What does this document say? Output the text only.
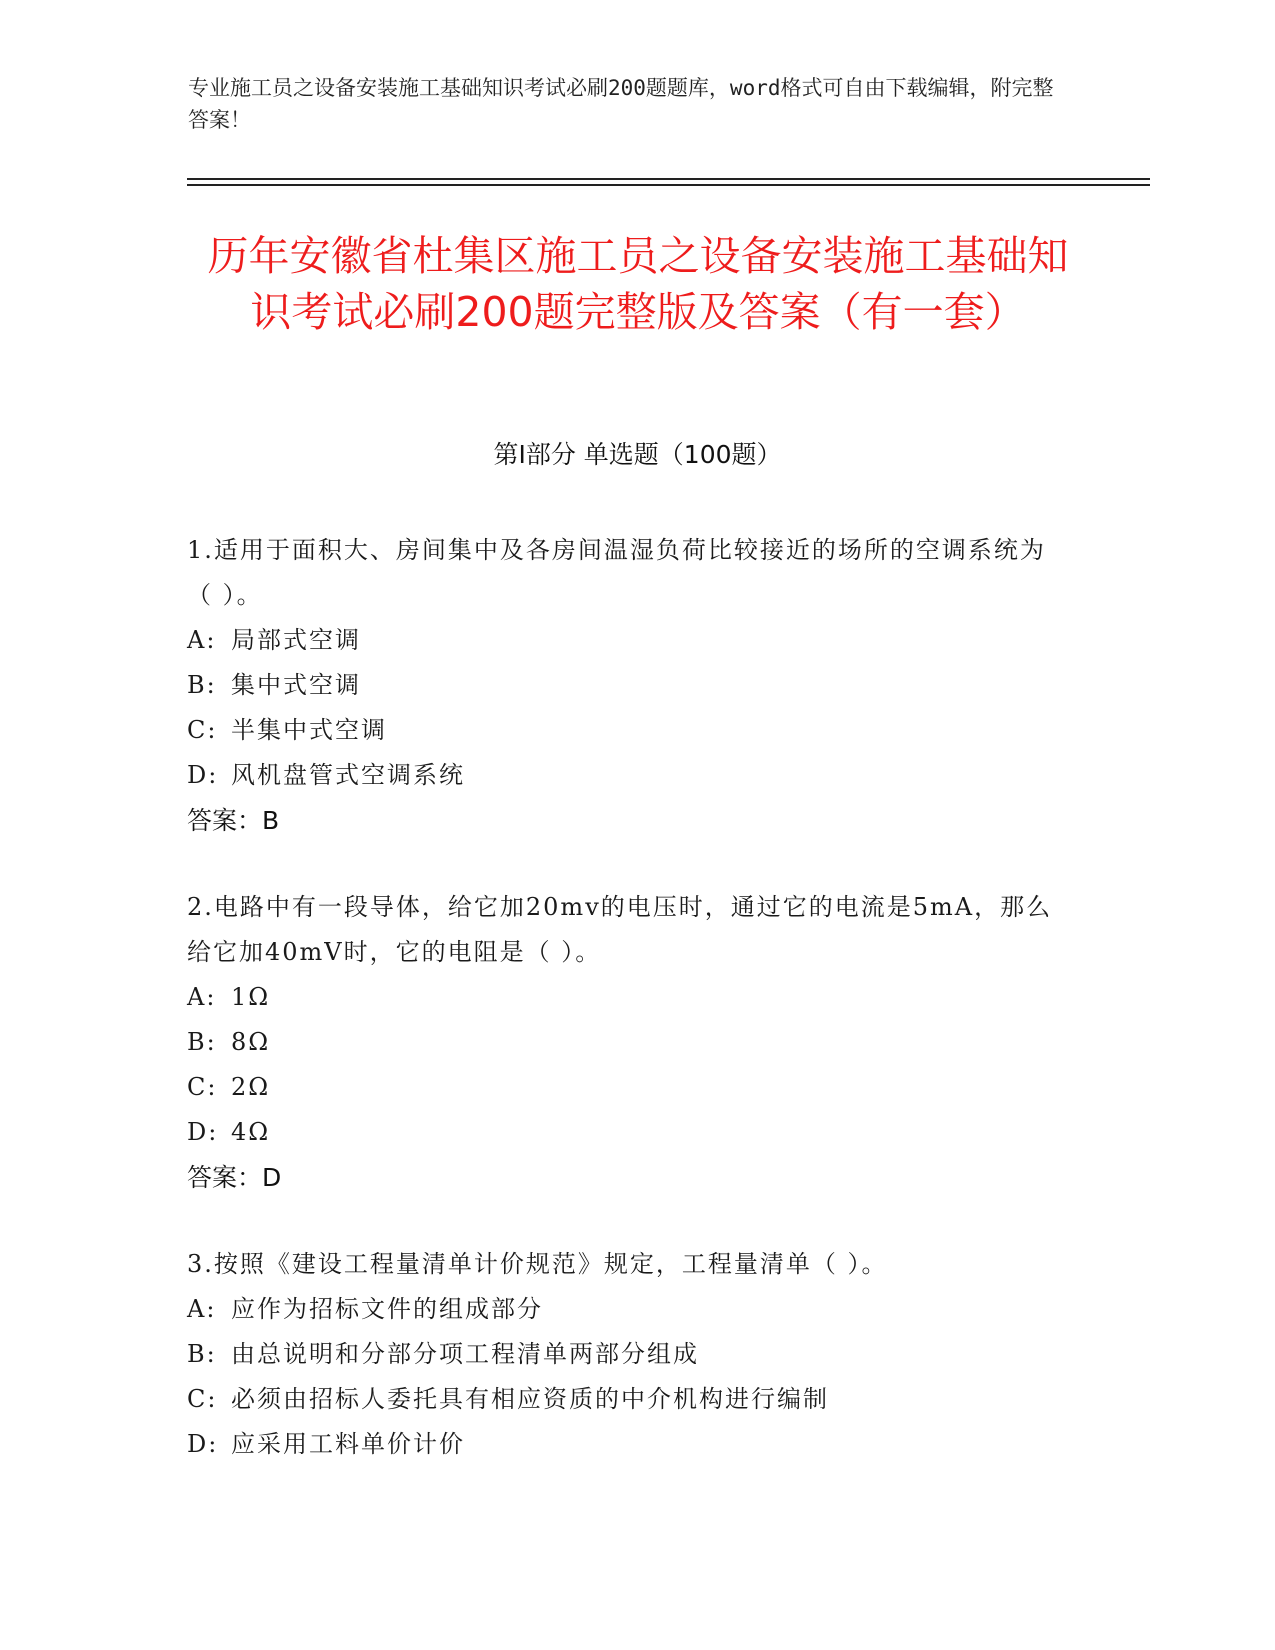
专业施工员之设备安装施工基础知识考试必刷200题题库，word格式可自由下载编辑，附完整答案！
历年安徽省杜集区施工员之设备安装施工基础知识考试必刷200题完整版及答案（有一套）
第Ⅰ部分 单选题（100题）
1.适用于面积大、房间集中及各房间温湿负荷比较接近的场所的空调系统为（ ）。
A: 局部式空调
B: 集中式空调
C: 半集中式空调
D: 风机盘管式空调系统
答案：B
2.电路中有一段导体，给它加20mv的电压时，通过它的电流是5mA，那么给它加40mV时，它的电阻是（ ）。
A: 1Ω
B: 8Ω
C: 2Ω
D: 4Ω
答案：D
3.按照《建设工程量清单计价规范》规定，工程量清单（ ）。
A: 应作为招标文件的组成部分
B: 由总说明和分部分项工程清单两部分组成
C: 必须由招标人委托具有相应资质的中介机构进行编制
D: 应采用工料单价计价
